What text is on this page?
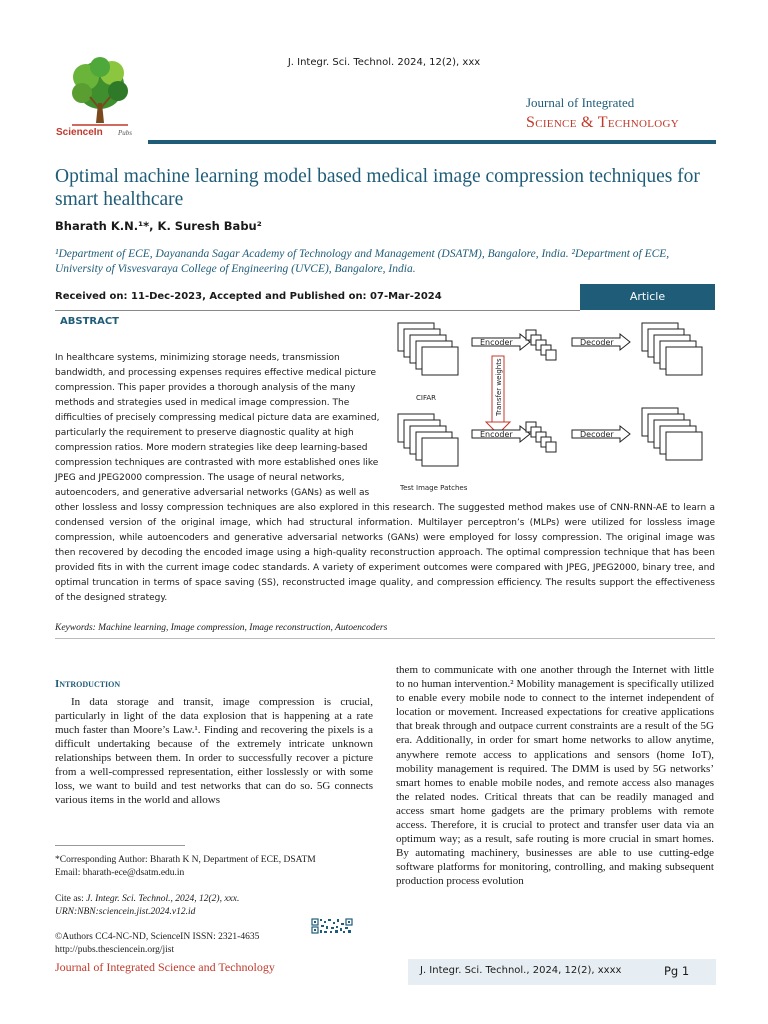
J. Integr. Sci. Technol. 2024, 12(2), xxx
ScienceIn Pubs
Journal of Integrated
Science & Technology
Optimal machine learning model based medical image compression techniques for smart healthcare
Bharath K.N.¹*, K. Suresh Babu²
¹Department of ECE, Dayananda Sagar Academy of Technology and Management (DSATM), Bangalore, India. ²Department of ECE, University of Visvesvaraya College of Engineering (UVCE), Bangalore, India.
Received on: 11-Dec-2023, Accepted and Published on: 07-Mar-2024	Article
ABSTRACT
Encoder	Decoder
CIFAR	Transfer weights
Encoder	Decoder
Test Image Patches
In healthcare systems, minimizing storage needs, transmission
bandwidth, and processing expenses requires effective medical picture
compression. This paper provides a thorough analysis of the many
methods and strategies used in medical image compression. The
difficulties of precisely compressing medical picture data are examined,
particularly the requirement to preserve diagnostic quality at high
compression ratios. More modern strategies like deep learning-based
compression techniques are contrasted with more established ones like
JPEG and JPEG2000 compression. The usage of neural networks,
autoencoders, and generative adversarial networks (GANs) as well as
other lossless and lossy compression techniques are also explored in this research. The suggested method makes use of CNN-RNN-AE to learn a condensed version of the original image, which had structural information. Multilayer perceptron’s (MLPs) were utilized for lossless image compression, while autoencoders and generative adversarial networks (GANs) were employed for lossy compression. The original image was then recovered by decoding the encoded image using a high-quality reconstruction approach. The optimal compression technique that has been provided fits in with the current image codec standards. A variety of experiment outcomes were compared with JPEG, JPEG2000, binary tree, and optimal truncation in terms of space saving (SS), reconstructed image quality, and compression efficiency. The results support the effectiveness of the designed strategy.
Keywords: Machine learning, Image compression, Image reconstruction, Autoencoders
Introduction
In data storage and transit, image compression is crucial, particularly in light of the data explosion that is happening at a rate much faster than Moore’s Law.¹. Finding and recovering the pixels is a difficult undertaking because of the extremely intricate unknown relationships between them. In order to successfully recover a picture from a well-compressed representation, either losslessly or with some loss, we want to build and test networks that can do so. 5G connects various items in the world and allows
them to communicate with one another through the Internet with little to no human intervention.² Mobility management is specifically utilized to enable every mobile node to connect to the internet independent of location or movement. Increased expectations for creative applications that break through and outpace current constraints are a result of the 5G era. Additionally, in order for smart home networks to allow anytime, anywhere remote access to applications and sensors (home IoT), mobility management is required. The DMM is used by 5G networks’ smart homes to enable mobile nodes, and remote access also manages the related nodes. Critical threats that can be readily managed and access smart home gadgets are the primary problems with remote access. Therefore, it is crucial to protect and transfer user data via an optimum way; as a result, safe routing is more crucial in smart homes. By automating machinery, businesses are able to use cutting-edge software platforms for monitoring, controlling, and making subsequent production process evolution
*Corresponding Author: Bharath K N, Department of ECE, DSATM
Email: bharath-ece@dsatm.edu.in
Cite as: J. Integr. Sci. Technol., 2024, 12(2), xxx.
URN:NBN:sciencein.jist.2024.v12.id
©Authors CC4-NC-ND, ScienceIN ISSN: 2321-4635
http://pubs.thesciencein.org/jist
Journal of Integrated Science and Technology	J. Integr. Sci. Technol., 2024, 12(2), xxxx	Pg 1
